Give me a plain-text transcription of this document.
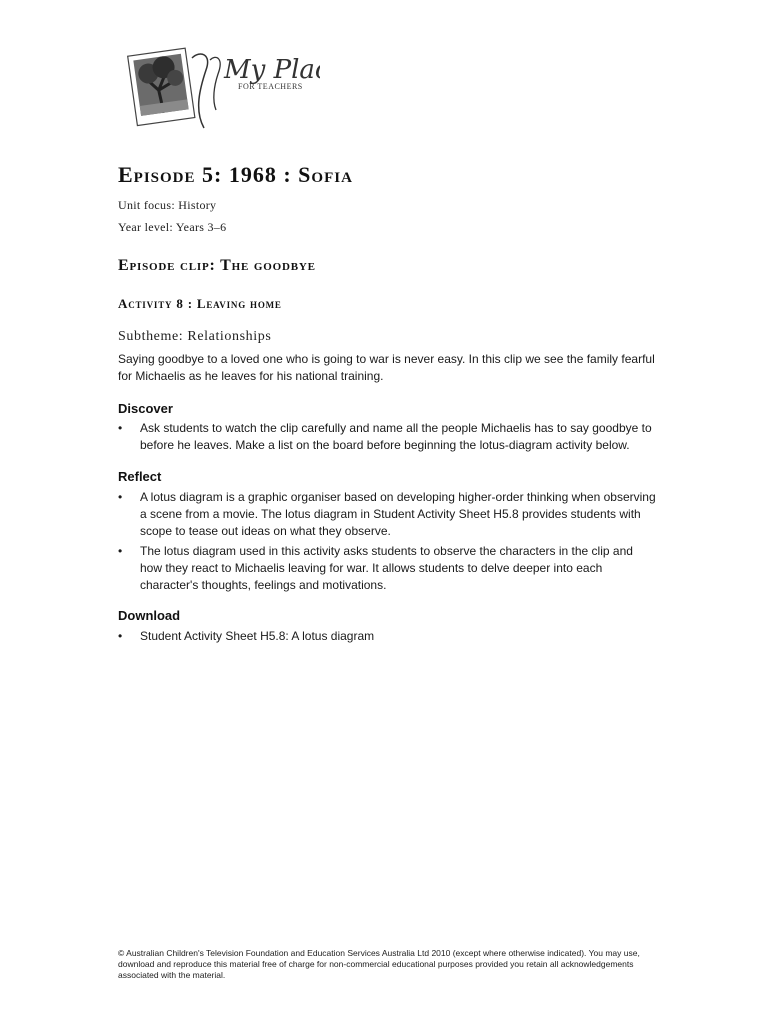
My Pla
FOR TEACHERS
Episode 5: 1968 : Sofia
Unit focus: History
Year level: Years 3–6
Episode clip: The goodbye
Activity 8 : Leaving home
Subtheme: Relationships
Saying goodbye to a loved one who is going to war is never easy. In this clip we see the family fearful for Michaelis as he leaves for his national training.
Discover
• Ask students to watch the clip carefully and name all the people Michaelis has to say goodbye to before he leaves. Make a list on the board before beginning the lotus-diagram activity below.
Reflect
• A lotus diagram is a graphic organiser based on developing higher-order thinking when observing a scene from a movie. The lotus diagram in Student Activity Sheet H5.8 provides students with scope to tease out ideas on what they observe.
• The lotus diagram used in this activity asks students to observe the characters in the clip and how they react to Michaelis leaving for war. It allows students to delve deeper into each character's thoughts, feelings and motivations.
Download
• Student Activity Sheet H5.8: A lotus diagram
© Australian Children's Television Foundation and Education Services Australia Ltd 2010 (except where otherwise indicated). You may use, download and reproduce this material free of charge for non-commercial educational purposes provided you retain all acknowledgements associated with the material.
